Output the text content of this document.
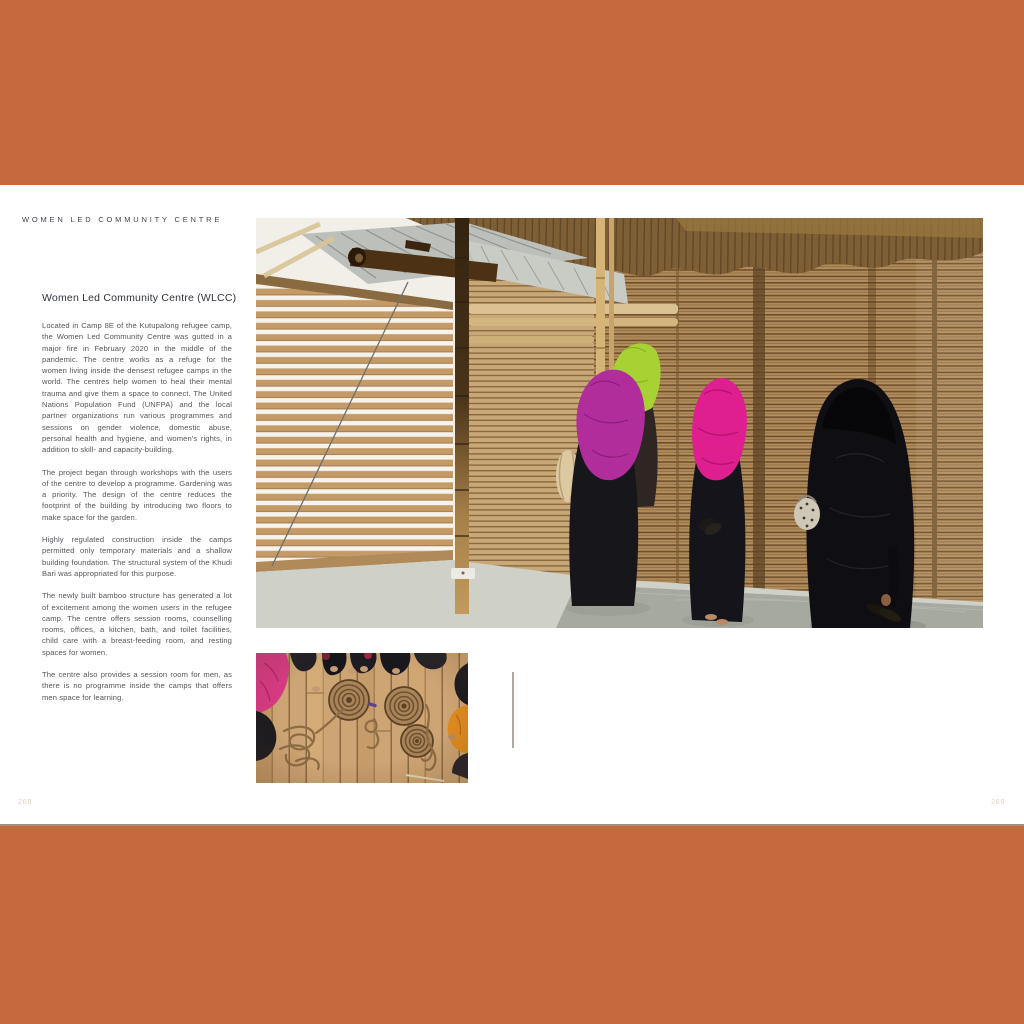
WOMEN LED COMMUNITY CENTRE
Women Led Community Centre (WLCC)

Located in Camp 8E of the Kutupalong refugee camp, the Women Led Community Centre was gutted in a major fire in February 2020 in the middle of the pandemic. The centre works as a refuge for the women living inside the densest refugee camps in the world. The centres help women to heal their mental trauma and give them a space to connect. The United Nations Population Fund (UNFPA) and the local partner organizations run various programmes and sessions on gender violence, domestic abuse, personal health and hygiene, and women's rights, in addition to skill- and capacity-building.

The project began through workshops with the users of the centre to develop a programme. Gardening was a priority. The design of the centre reduces the footprint of the building by introducing two floors to make space for the garden.

Highly regulated construction inside the camps permitted only temporary materials and a shallow building foundation. The structural system of the Khudi Bari was appropriated for this purpose.

The newly built bamboo structure has generated a lot of excitement among the women users in the refugee camp. The centre offers session rooms, counselling rooms, offices, a kitchen, bath, and toilet facilities, child care with a breast-feeding room, and resting spaces for women.

The centre also provides a session room for men, as there is no programme inside the camps that offers men space for learning.

268	269
